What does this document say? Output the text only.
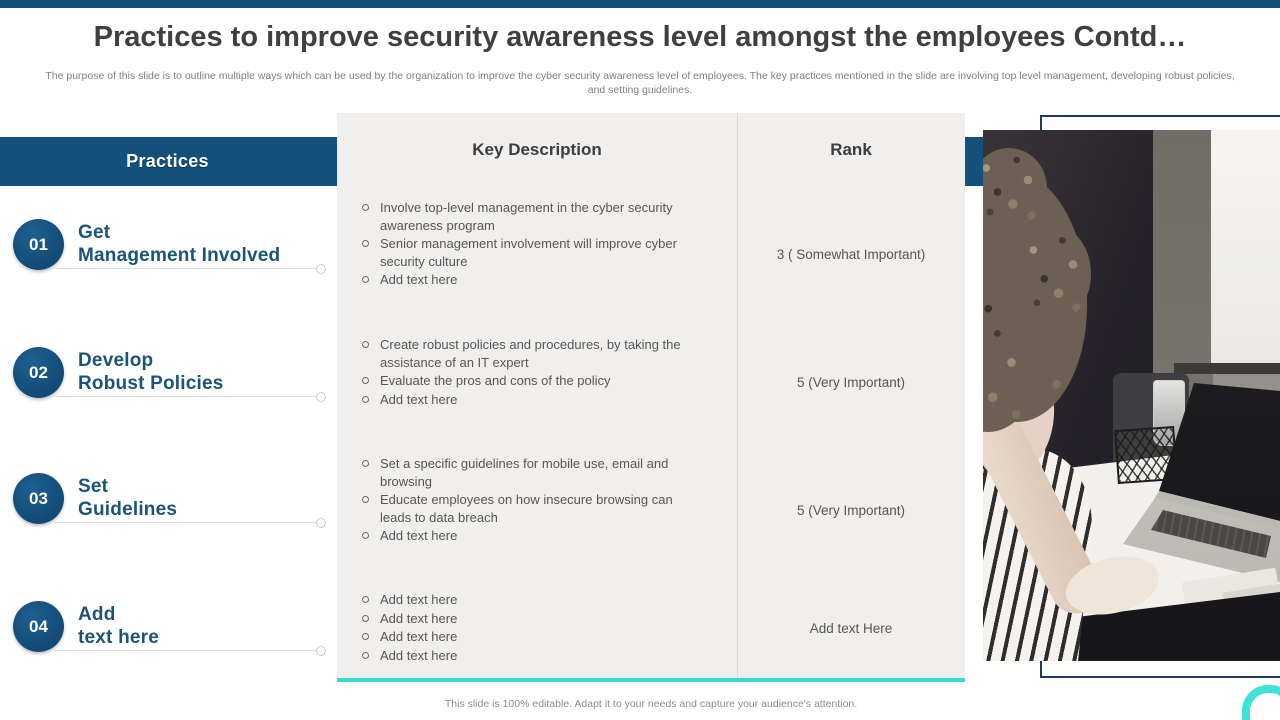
Practices to improve security awareness level amongst the employees Contd…
The purpose of this slide is to outline multiple ways which can be used by the organization to improve the cyber security awareness level of employees. The key practices mentioned in the slide are involving top level management, developing robust policies, and setting guidelines.
Practices
01
Get
Management Involved
02
Develop
Robust Policies
03
Set
Guidelines
04
Add
text here
Key Description	Rank
Involve top-level management in the cyber security awareness program
Senior management involvement will improve cyber security culture
Add text here
3 ( Somewhat Important)
Create robust policies and procedures, by taking the assistance of an IT expert
Evaluate the pros and cons of the policy
Add text here
5 (Very Important)
Set a specific guidelines for mobile use, email and browsing
Educate employees on how insecure browsing can leads to data breach
Add text here
5 (Very Important)
Add text here
Add text here
Add text here
Add text here
Add text Here
This slide is 100% editable. Adapt it to your needs and capture your audience's attention.
